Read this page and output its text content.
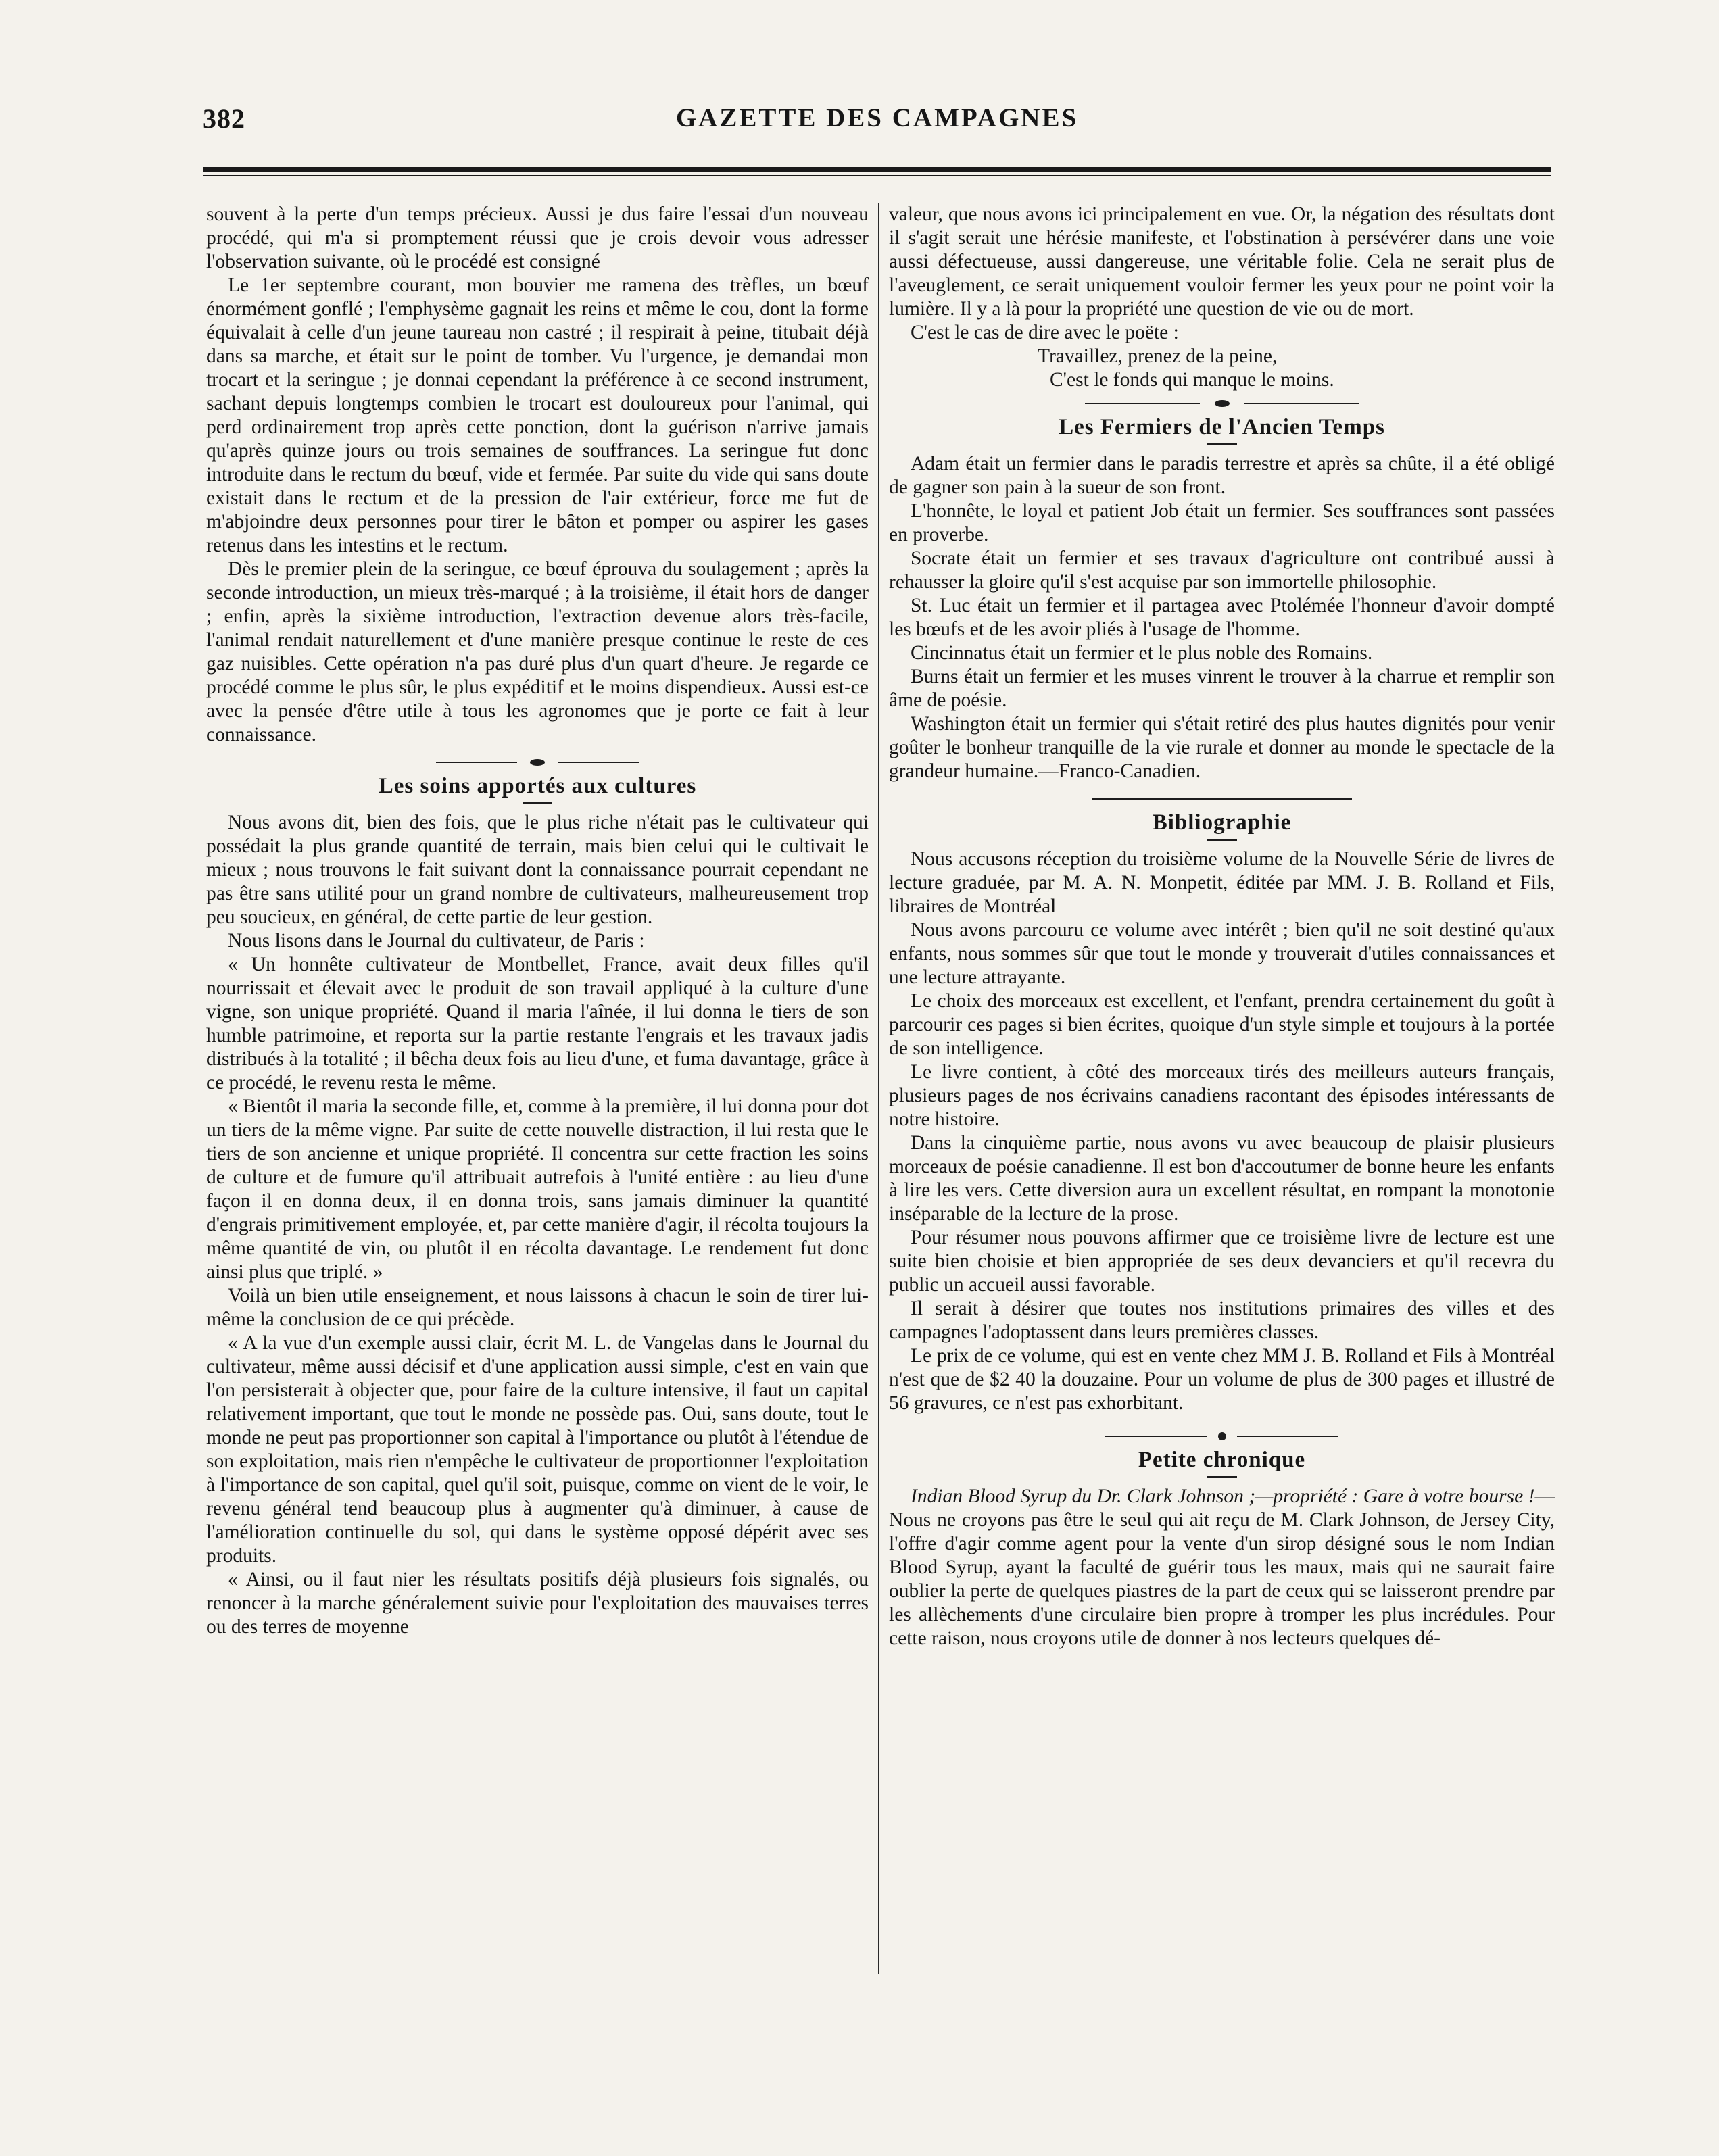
382	GAZETTE DES CAMPAGNES

souvent à la perte d'un temps précieux. Aussi je dus faire l'essai d'un nouveau procédé, qui m'a si promptement réussi que je crois devoir vous adresser l'observation suivante, où le procédé est consigné

Le 1er septembre courant, mon bouvier me ramena des trèfles, un bœuf énormément gonflé ; l'emphysème gagnait les reins et même le cou, dont la forme équivalait à celle d'un jeune taureau non castré ; il respirait à peine, titubait déjà dans sa marche, et était sur le point de tomber. Vu l'urgence, je demandai mon trocart et la seringue ; je donnai cependant la préférence à ce second instrument, sachant depuis longtemps combien le trocart est douloureux pour l'animal, qui perd ordinairement trop après cette ponction, dont la guérison n'arrive jamais qu'après quinze jours ou trois semaines de souffrances. La seringue fut donc introduite dans le rectum du bœuf, vide et fermée. Par suite du vide qui sans doute existait dans le rectum et de la pression de l'air extérieur, force me fut de m'abjoindre deux personnes pour tirer le bâton et pomper ou aspirer les gases retenus dans les intestins et le rectum.

Dès le premier plein de la seringue, ce bœuf éprouva du soulagement ; après la seconde introduction, un mieux très-marqué ; à la troisième, il était hors de danger ; enfin, après la sixième introduction, l'extraction devenue alors très-facile, l'animal rendait naturellement et d'une manière presque continue le reste de ces gaz nuisibles. Cette opération n'a pas duré plus d'un quart d'heure. Je regarde ce procédé comme le plus sûr, le plus expéditif et le moins dispendieux. Aussi est-ce avec la pensée d'être utile à tous les agronomes que je porte ce fait à leur connaissance.

Les soins apportés aux cultures

Nous avons dit, bien des fois, que le plus riche n'était pas le cultivateur qui possédait la plus grande quantité de terrain, mais bien celui qui le cultivait le mieux ; nous trouvons le fait suivant dont la connaissance pourrait cependant ne pas être sans utilité pour un grand nombre de cultivateurs, malheureusement trop peu soucieux, en général, de cette partie de leur gestion.

Nous lisons dans le Journal du cultivateur, de Paris :

« Un honnête cultivateur de Montbellet, France, avait deux filles qu'il nourrissait et élevait avec le produit de son travail appliqué à la culture d'une vigne, son unique propriété. Quand il maria l'aînée, il lui donna le tiers de son humble patrimoine, et reporta sur la partie restante l'engrais et les travaux jadis distribués à la totalité ; il bêcha deux fois au lieu d'une, et fuma davantage, grâce à ce procédé, le revenu resta le même.

« Bientôt il maria la seconde fille, et, comme à la première, il lui donna pour dot un tiers de la même vigne. Par suite de cette nouvelle distraction, il lui resta que le tiers de son ancienne et unique propriété. Il concentra sur cette fraction les soins de culture et de fumure qu'il attribuait autrefois à l'unité entière : au lieu d'une façon il en donna deux, il en donna trois, sans jamais diminuer la quantité d'engrais primitivement employée, et, par cette manière d'agir, il récolta toujours la même quantité de vin, ou plutôt il en récolta davantage. Le rendement fut donc ainsi plus que triplé. »

Voilà un bien utile enseignement, et nous laissons à chacun le soin de tirer lui-même la conclusion de ce qui précède.

« A la vue d'un exemple aussi clair, écrit M. L. de Vangelas dans le Journal du cultivateur, même aussi décisif et d'une application aussi simple, c'est en vain que l'on persisterait à objecter que, pour faire de la culture intensive, il faut un capital relativement important, que tout le monde ne possède pas. Oui, sans doute, tout le monde ne peut pas proportionner son capital à l'importance ou plutôt à l'étendue de son exploitation, mais rien n'empêche le cultivateur de proportionner l'exploitation à l'importance de son capital, quel qu'il soit, puisque, comme on vient de le voir, le revenu général tend beaucoup plus à augmenter qu'à diminuer, à cause de l'amélioration continuelle du sol, qui dans le système opposé dépérit avec ses produits.

« Ainsi, ou il faut nier les résultats positifs déjà plusieurs fois signalés, ou renoncer à la marche généralement suivie pour l'exploitation des mauvaises terres ou des terres de moyenne

valeur, que nous avons ici principalement en vue. Or, la négation des résultats dont il s'agit serait une hérésie manifeste, et l'obstination à persévérer dans une voie aussi défectueuse, aussi dangereuse, une véritable folie. Cela ne serait plus de l'aveuglement, ce serait uniquement vouloir fermer les yeux pour ne point voir la lumière. Il y a là pour la propriété une question de vie ou de mort.

C'est le cas de dire avec le poëte :

Travaillez, prenez de la peine,

C'est le fonds qui manque le moins.

Les Fermiers de l'Ancien Temps

Adam était un fermier dans le paradis terrestre et après sa chûte, il a été obligé de gagner son pain à la sueur de son front.

L'honnête, le loyal et patient Job était un fermier. Ses souffrances sont passées en proverbe.

Socrate était un fermier et ses travaux d'agriculture ont contribué aussi à rehausser la gloire qu'il s'est acquise par son immortelle philosophie.

St. Luc était un fermier et il partagea avec Ptolémée l'honneur d'avoir dompté les bœufs et de les avoir pliés à l'usage de l'homme.

Cincinnatus était un fermier et le plus noble des Romains.

Burns était un fermier et les muses vinrent le trouver à la charrue et remplir son âme de poésie.

Washington était un fermier qui s'était retiré des plus hautes dignités pour venir goûter le bonheur tranquille de la vie rurale et donner au monde le spectacle de la grandeur humaine.—Franco-Canadien.

Bibliographie

Nous accusons réception du troisième volume de la Nouvelle Série de livres de lecture graduée, par M. A. N. Monpetit, éditée par MM. J. B. Rolland et Fils, libraires de Montréal

Nous avons parcouru ce volume avec intérêt ; bien qu'il ne soit destiné qu'aux enfants, nous sommes sûr que tout le monde y trouverait d'utiles connaissances et une lecture attrayante.

Le choix des morceaux est excellent, et l'enfant, prendra certainement du goût à parcourir ces pages si bien écrites, quoique d'un style simple et toujours à la portée de son intelligence.

Le livre contient, à côté des morceaux tirés des meilleurs auteurs français, plusieurs pages de nos écrivains canadiens racontant des épisodes intéressants de notre histoire.

Dans la cinquième partie, nous avons vu avec beaucoup de plaisir plusieurs morceaux de poésie canadienne. Il est bon d'accoutumer de bonne heure les enfants à lire les vers. Cette diversion aura un excellent résultat, en rompant la monotonie inséparable de la lecture de la prose.

Pour résumer nous pouvons affirmer que ce troisième livre de lecture est une suite bien choisie et bien appropriée de ses deux devanciers et qu'il recevra du public un accueil aussi favorable.

Il serait à désirer que toutes nos institutions primaires des villes et des campagnes l'adoptassent dans leurs premières classes.

Le prix de ce volume, qui est en vente chez MM J. B. Rolland et Fils à Montréal n'est que de $2 40 la douzaine. Pour un volume de plus de 300 pages et illustré de 56 gravures, ce n'est pas exhorbitant.

Petite chronique

Indian Blood Syrup du Dr. Clark Johnson ;—propriété : Gare à votre bourse !—Nous ne croyons pas être le seul qui ait reçu de M. Clark Johnson, de Jersey City, l'offre d'agir comme agent pour la vente d'un sirop désigné sous le nom Indian Blood Syrup, ayant la faculté de guérir tous les maux, mais qui ne saurait faire oublier la perte de quelques piastres de la part de ceux qui se laisseront prendre par les allèchements d'une circulaire bien propre à tromper les plus incrédules. Pour cette raison, nous croyons utile de donner à nos lecteurs quelques dé-
